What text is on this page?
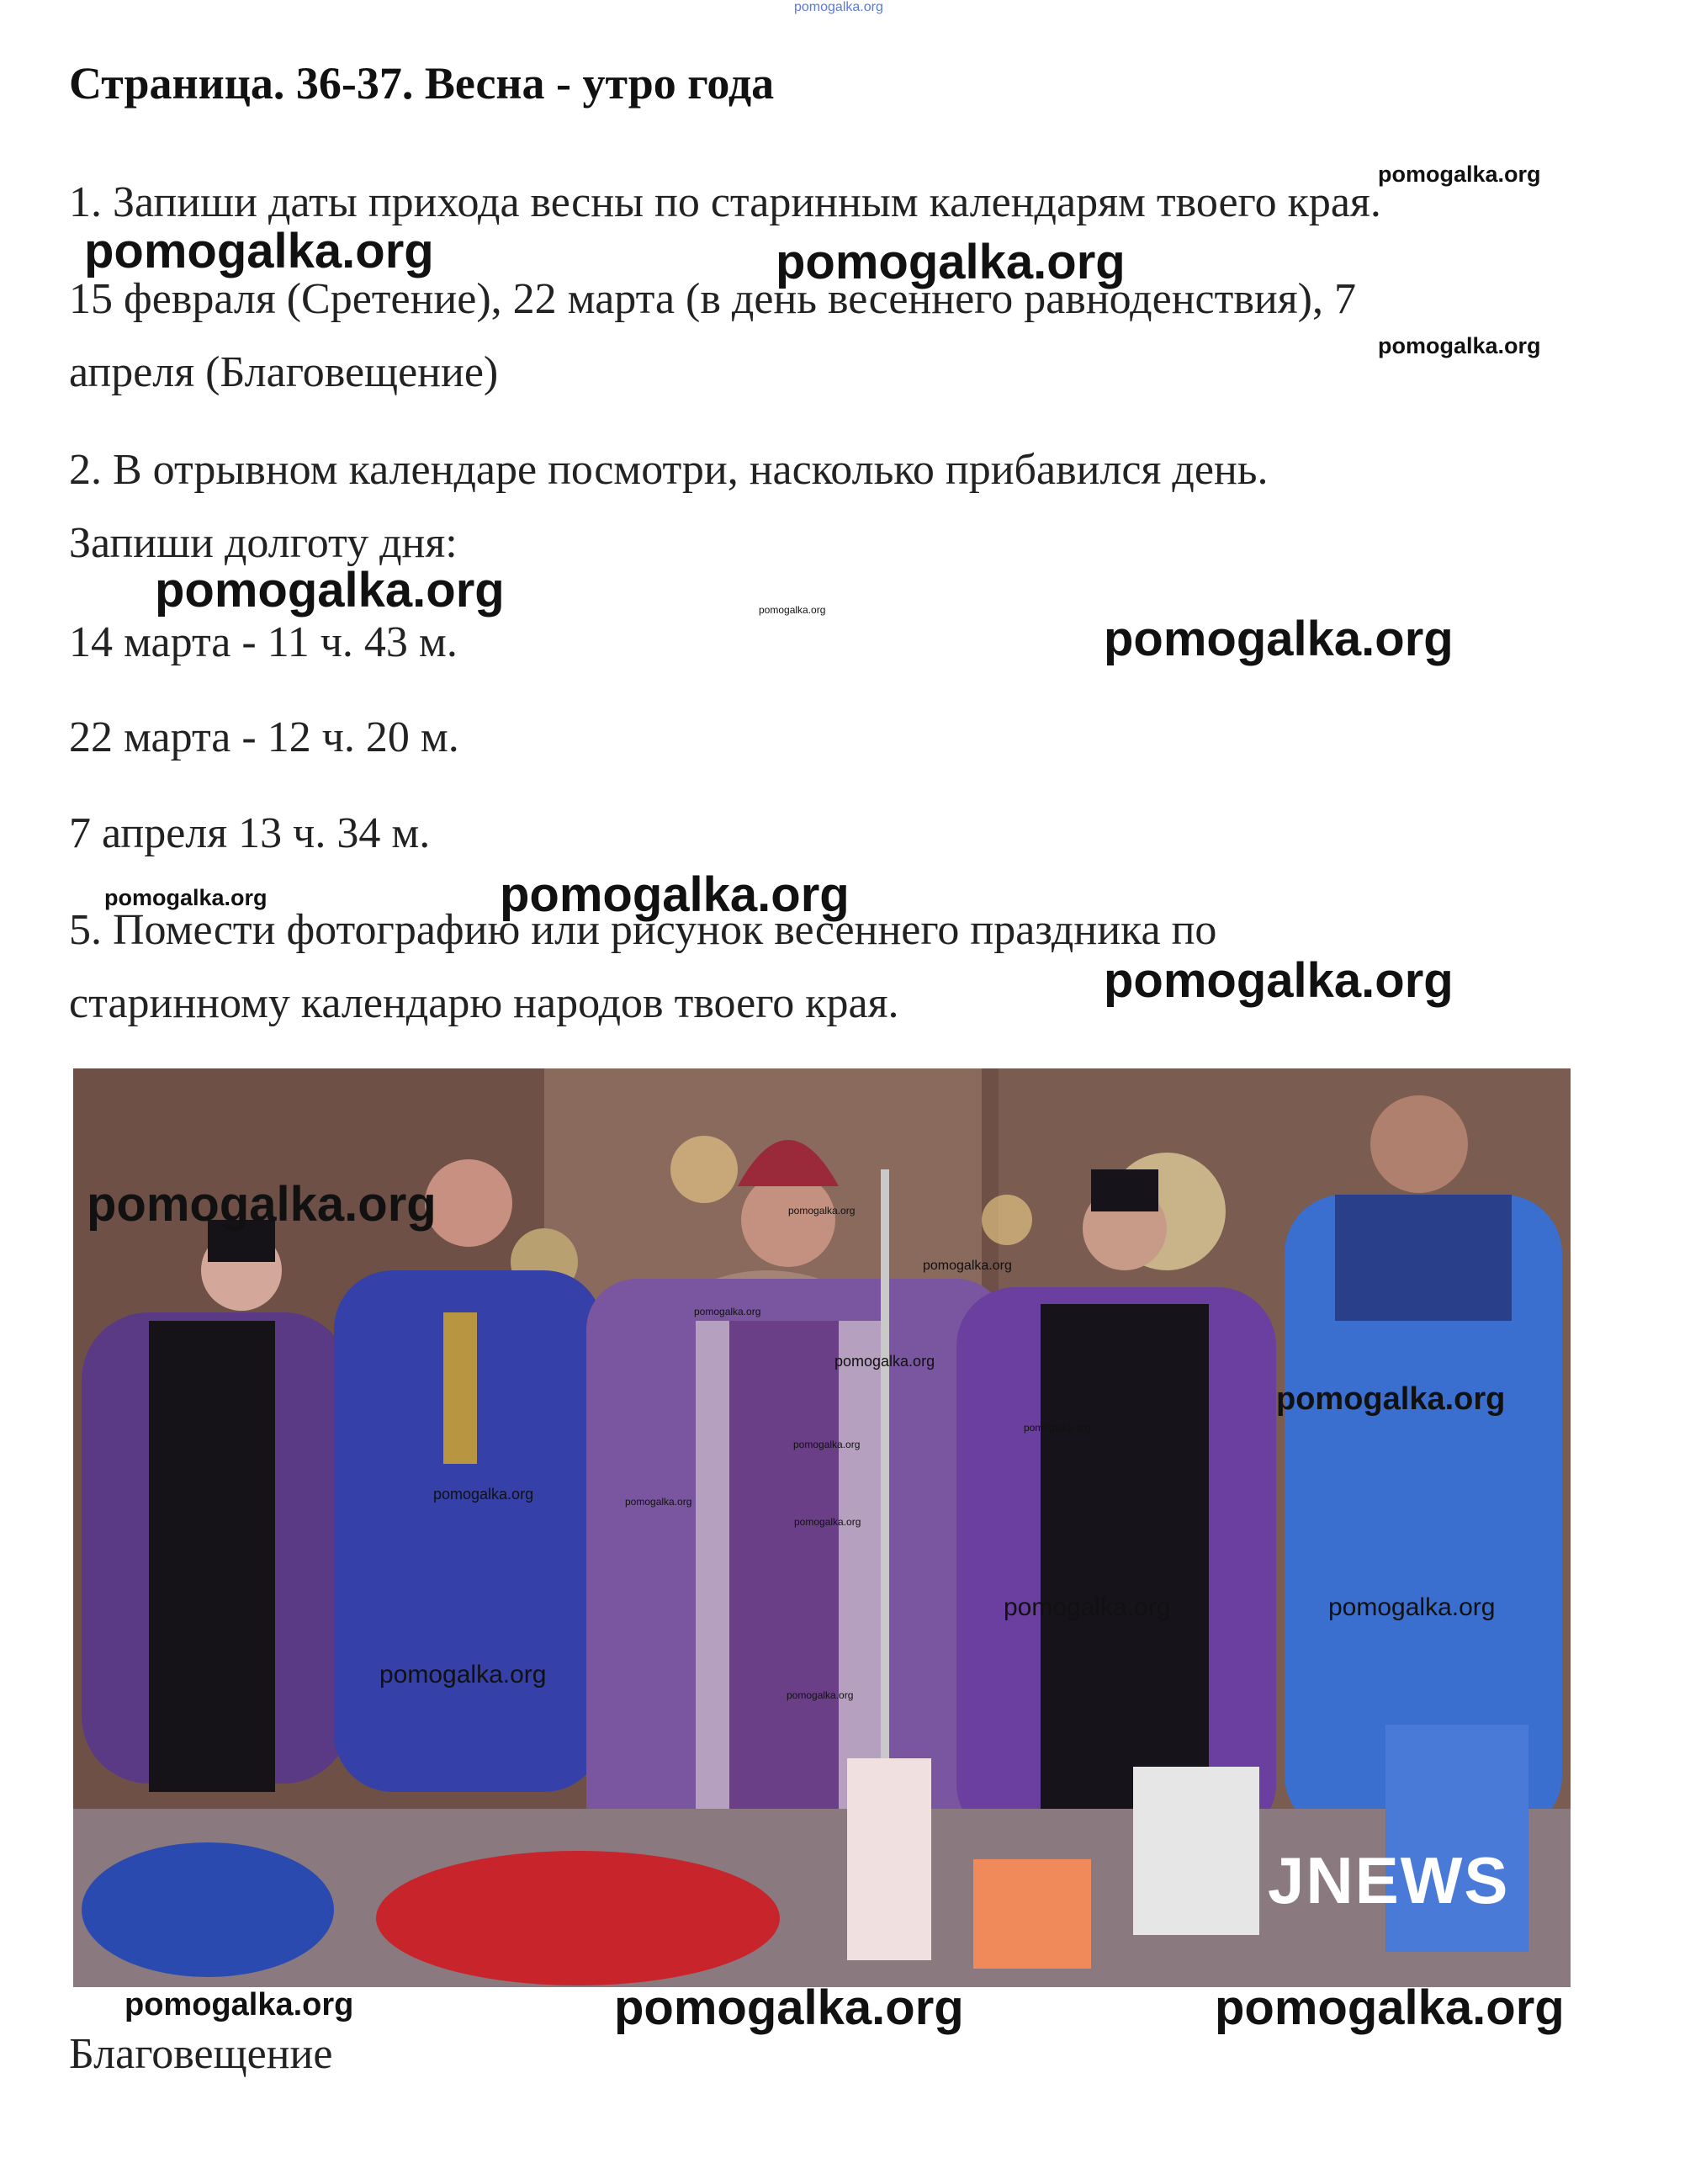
pomogalka.org
Страница. 36-37. Весна - утро года
pomogalka.org
1. Запиши даты прихода весны по старинным календарям твоего края.
pomogalka.org	pomogalka.org
15 февраля (Сретение), 22 марта (в день весеннего равноденствия), 7
pomogalka.org
апреля (Благовещение)
2. В отрывном календаре посмотри, насколько прибавился день.
Запиши долготу дня:
pomogalka.org	pomogalka.org
14 марта - 11 ч. 43 м.	pomogalka.org
22 марта - 12 ч. 20 м.
7 апреля 13 ч. 34 м.
pomogalka.org	pomogalka.org
5. Помести фотографию или рисунок весеннего праздника по
pomogalka.org
старинному календарю народов твоего края.
JNEWS
pomogalka.org	pomogalka.org
pomogalka.org
pomogalka.org
pomogalka.org
pomogalka.org
pomogalka.org
pomogalka.org
pomogalka.org	pomogalka.org
pomogalka.org
pomogalka.org	pomogalka.org
pomogalka.org
pomogalka.org
pomogalka.org	pomogalka.org	pomogalka.org
Благовещение
